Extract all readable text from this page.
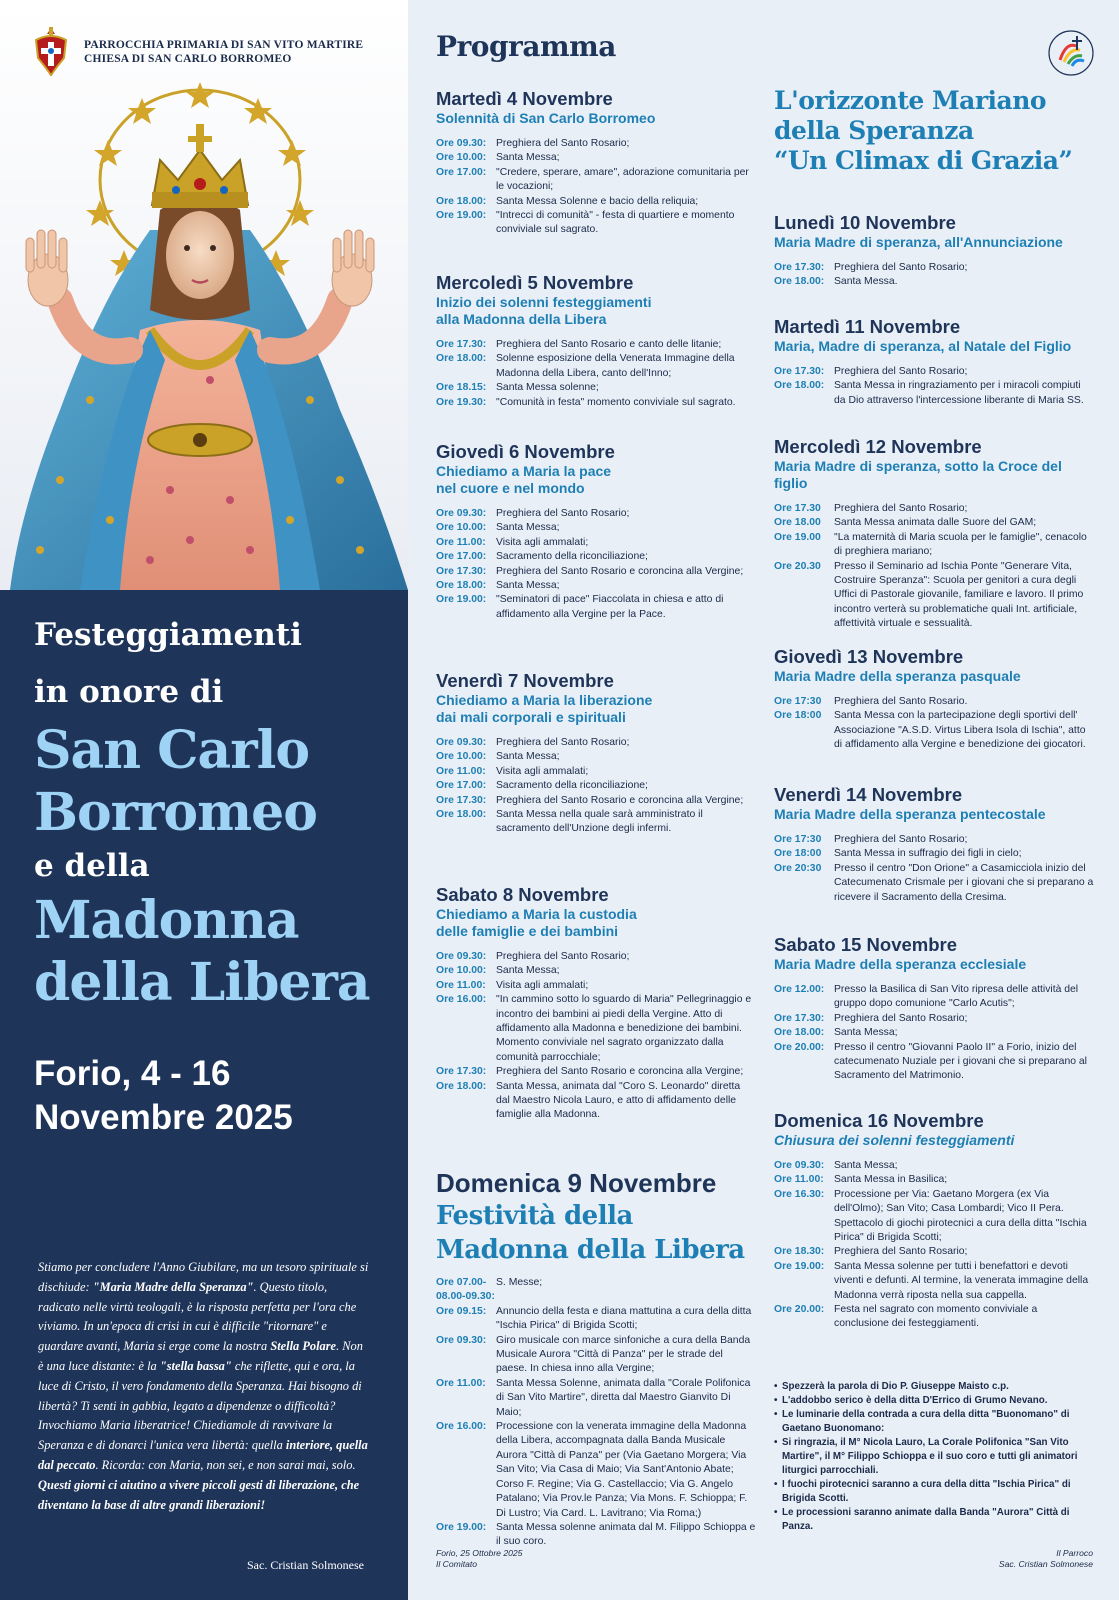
PARROCCHIA PRIMARIA DI SAN VITO MARTIRE
CHIESA DI SAN CARLO BORROMEO
Festeggiamenti
in onore di
San Carlo
Borromeo
e della
Madonna
della Libera
Forio, 4 - 16
Novembre 2025
Stiamo per concludere l'Anno Giubilare, ma un tesoro spirituale si dischiude: "Maria Madre della Speranza". Questo titolo, radicato nelle virtù teologali, è la risposta perfetta per l'ora che viviamo. In un'epoca di crisi in cui è difficile "ritornare" e guardare avanti, Maria si erge come la nostra Stella Polare. Non è una luce distante: è la "stella bassa" che riflette, qui e ora, la luce di Cristo, il vero fondamento della Speranza. Hai bisogno di libertà? Ti senti in gabbia, legato a dipendenze o difficoltà? Invochiamo Maria liberatrice! Chiediamole di ravvivare la Speranza e di donarci l'unica vera libertà: quella interiore, quella dal peccato. Ricorda: con Maria, non sei, e non sarai mai, solo. Questi giorni ci aiutino a vivere piccoli gesti di liberazione, che diventano la base di altre grandi liberazioni!
Sac. Cristian Solmonese
Programma
Martedì 4 Novembre
Solennità di San Carlo Borromeo
Ore 09.30: Preghiera del Santo Rosario;
Ore 10.00: Santa Messa;
Ore 17.00: "Credere, sperare, amare", adorazione comunitaria per le vocazioni;
Ore 18.00: Santa Messa Solenne e bacio della reliquia;
Ore 19.00: "Intrecci di comunità" - festa di quartiere e momento conviviale sul sagrato.
Mercoledì 5 Novembre
Inizio dei solenni festeggiamenti
alla Madonna della Libera
Ore 17.30: Preghiera del Santo Rosario e canto delle litanie;
Ore 18.00: Solenne esposizione della Venerata Immagine della Madonna della Libera, canto dell'Inno;
Ore 18.15: Santa Messa solenne;
Ore 19.30: "Comunità in festa" momento conviviale sul sagrato.
Giovedì 6 Novembre
Chiediamo a Maria la pace
nel cuore e nel mondo
Ore 09.30: Preghiera del Santo Rosario;
Ore 10.00: Santa Messa;
Ore 11.00: Visita agli ammalati;
Ore 17.00: Sacramento della riconciliazione;
Ore 17.30: Preghiera del Santo Rosario e coroncina alla Vergine;
Ore 18.00: Santa Messa;
Ore 19.00: "Seminatori di pace" Fiaccolata in chiesa e atto di affidamento alla Vergine per la Pace.
Venerdì 7 Novembre
Chiediamo a Maria la liberazione
dai mali corporali e spirituali
Ore 09.30: Preghiera del Santo Rosario;
Ore 10.00: Santa Messa;
Ore 11.00: Visita agli ammalati;
Ore 17.00: Sacramento della riconciliazione;
Ore 17.30: Preghiera del Santo Rosario e coroncina alla Vergine;
Ore 18.00: Santa Messa nella quale sarà amministrato il sacramento dell'Unzione degli infermi.
Sabato 8 Novembre
Chiediamo a Maria la custodia
delle famiglie e dei bambini
Ore 09.30: Preghiera del Santo Rosario;
Ore 10.00: Santa Messa;
Ore 11.00: Visita agli ammalati;
Ore 16.00: "In cammino sotto lo sguardo di Maria" Pellegrinaggio e incontro dei bambini ai piedi della Vergine. Atto di affidamento alla Madonna e benedizione dei bambini. Momento conviviale nel sagrato organizzato dalla comunità parrocchiale;
Ore 17.30: Preghiera del Santo Rosario e coroncina alla Vergine;
Ore 18.00: Santa Messa, animata dal "Coro S. Leonardo" diretta dal Maestro Nicola Lauro, e atto di affidamento delle famiglie alla Madonna.
Domenica 9 Novembre
Festività della
Madonna della Libera
Ore 07.00-08.00-09.30:
S. Messe;
Ore 09.15: Annuncio della festa e diana mattutina a cura della ditta "Ischia Pirica" di Brigida Scotti;
Ore 09.30: Giro musicale con marce sinfoniche a cura della Banda Musicale Aurora "Città di Panza" per le strade del paese. In chiesa inno alla Vergine;
Ore 11.00: Santa Messa Solenne, animata dalla "Corale Polifonica di San Vito Martire", diretta dal Maestro Gianvito Di Maio;
Ore 16.00: Processione con la venerata immagine della Madonna della Libera, accompagnata dalla Banda Musicale Aurora "Città di Panza" per (Via Gaetano Morgera; Via San Vito; Via Casa di Maio; Via Sant'Antonio Abate; Corso F. Regine; Via G. Castellaccio; Via G. Angelo Patalano; Via Prov.le Panza; Via Mons. F. Schioppa; F. Di Lustro; Via Card. L. Lavitrano; Via Roma;)
Ore 19.00: Santa Messa solenne animata dal M. Filippo Schioppa e il suo coro.
L'orizzonte Mariano
della Speranza
“Un Climax di Grazia”
Lunedì 10 Novembre
Maria Madre di speranza, all'Annunciazione
Ore 17.30: Preghiera del Santo Rosario;
Ore 18.00: Santa Messa.
Martedì 11 Novembre
Maria, Madre di speranza, al Natale del Figlio
Ore 17.30: Preghiera del Santo Rosario;
Ore 18.00: Santa Messa in ringraziamento per i miracoli compiuti da Dio attraverso l'intercessione liberante di Maria SS.
Mercoledì 12 Novembre
Maria Madre di speranza, sotto la Croce del figlio
Ore 17.30	Preghiera del Santo Rosario;
Ore 18.00	Santa Messa animata dalle Suore del GAM;
Ore 19.00	"La maternità di Maria scuola per le famiglie", cenacolo di preghiera mariano;
Ore 20.30	Presso il Seminario ad Ischia Ponte "Generare Vita, Costruire Speranza": Scuola per genitori a cura degli Uffici di Pastorale giovanile, familiare e lavoro. Il primo incontro verterà su problematiche quali Int. artificiale, affettività virtuale e sessualità.
Giovedì 13 Novembre
Maria Madre della speranza pasquale
Ore 17:30	Preghiera del Santo Rosario.
Ore 18:00	Santa Messa con la partecipazione degli sportivi dell' Associazione "A.S.D. Virtus Libera Isola di Ischia", atto di affidamento alla Vergine e benedizione dei giocatori.
Venerdì 14 Novembre
Maria Madre della speranza pentecostale
Ore 17:30	Preghiera del Santo Rosario;
Ore 18:00	Santa Messa in suffragio dei figli in cielo;
Ore 20:30	Presso il centro "Don Orione" a Casamicciola inizio del Catecumenato Crismale per i giovani che si preparano a ricevere il Sacramento della Cresima.
Sabato 15 Novembre
Maria Madre della speranza ecclesiale
Ore 12.00: Presso la Basilica di San Vito ripresa delle attività del gruppo dopo comunione "Carlo Acutis";
Ore 17.30: Preghiera del Santo Rosario;
Ore 18.00: Santa Messa;
Ore 20.00: Presso il centro "Giovanni Paolo II" a Forio, inizio del catecumenato Nuziale per i giovani che si preparano al Sacramento del Matrimonio.
Domenica 16 Novembre
Chiusura dei solenni festeggiamenti
Ore 09.30: Santa Messa;
Ore 11.00: Santa Messa in Basilica;
Ore 16.30: Processione per Via: Gaetano Morgera (ex Via dell'Olmo); San Vito; Casa Lombardi; Vico II Pera. Spettacolo di giochi pirotecnici a cura della ditta "Ischia Pirica" di Brigida Scotti;
Ore 18.30: Preghiera del Santo Rosario;
Ore 19.00: Santa Messa solenne per tutti i benefattori e devoti viventi e defunti. Al termine, la venerata immagine della Madonna verrà riposta nella sua cappella.
Ore 20.00: Festa nel sagrato con momento conviviale a conclusione dei festeggiamenti.
• Spezzerà la parola di Dio P. Giuseppe Maisto c.p.
• L'addobbo serico è della ditta D'Errico di Grumo Nevano.
• Le luminarie della contrada a cura della ditta "Buonomano" di Gaetano Buonomano:
• Si ringrazia, il M° Nicola Lauro, La Corale Polifonica "San Vito Martire", il M° Filippo Schioppa e il suo coro e tutti gli animatori liturgici parrocchiali.
• I fuochi pirotecnici saranno a cura della ditta "Ischia Pirica" di Brigida Scotti.
• Le processioni saranno animate dalla Banda "Aurora" Città di Panza.
Forio, 25 Ottobre 2025
Il Comitato
Il Parroco
Sac. Cristian Solmonese
